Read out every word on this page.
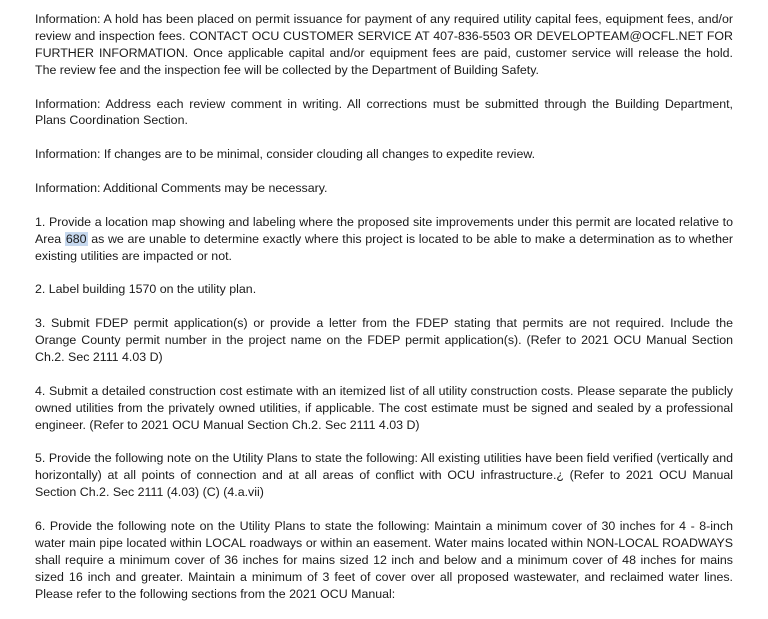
Information: A hold has been placed on permit issuance for payment of any required utility capital fees, equipment fees, and/or review and inspection fees. CONTACT OCU CUSTOMER SERVICE AT 407-836-5503 OR DEVELOPTEAM@OCFL.NET FOR FURTHER INFORMATION. Once applicable capital and/or equipment fees are paid, customer service will release the hold. The review fee and the inspection fee will be collected by the Department of Building Safety.

Information: Address each review comment in writing. All corrections must be submitted through the Building Department, Plans Coordination Section.

Information: If changes are to be minimal, consider clouding all changes to expedite review.

Information: Additional Comments may be necessary.

1. Provide a location map showing and labeling where the proposed site improvements under this permit are located relative to Area 680 as we are unable to determine exactly where this project is located to be able to make a determination as to whether existing utilities are impacted or not.

2. Label building 1570 on the utility plan.

3. Submit FDEP permit application(s) or provide a letter from the FDEP stating that permits are not required. Include the Orange County permit number in the project name on the FDEP permit application(s). (Refer to 2021 OCU Manual Section Ch.2. Sec 2111 4.03 D)

4. Submit a detailed construction cost estimate with an itemized list of all utility construction costs. Please separate the publicly owned utilities from the privately owned utilities, if applicable. The cost estimate must be signed and sealed by a professional engineer. (Refer to 2021 OCU Manual Section Ch.2. Sec 2111 4.03 D)

5. Provide the following note on the Utility Plans to state the following: All existing utilities have been field verified (vertically and horizontally) at all points of connection and at all areas of conflict with OCU infrastructure.¿ (Refer to 2021 OCU Manual Section Ch.2. Sec 2111 (4.03) (C) (4.a.vii)

6. Provide the following note on the Utility Plans to state the following: Maintain a minimum cover of 30 inches for 4 - 8-inch water main pipe located within LOCAL roadways or within an easement. Water mains located within NON-LOCAL ROADWAYS shall require a minimum cover of 36 inches for mains sized 12 inch and below and a minimum cover of 48 inches for mains sized 16 inch and greater. Maintain a minimum of 3 feet of cover over all proposed wastewater, and reclaimed water lines. Please refer to the following sections from the 2021 OCU Manual:
